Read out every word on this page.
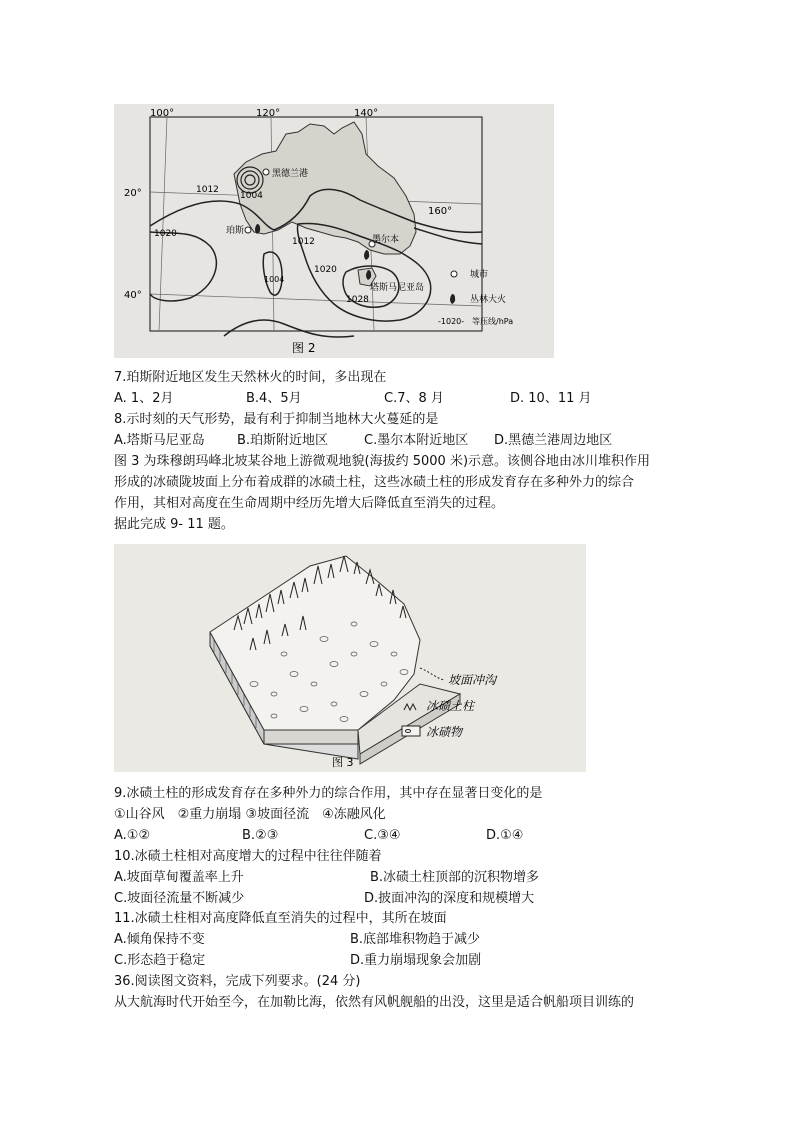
100°	120°	140°
160°
20°
40°
1012
1004
1020
1012
1020
1028
1004
黑德兰港
珀斯
墨尔本
塔斯马尼亚岛
城市
丛林大火
-1020- 等压线/hPa
图 2
7.珀斯附近地区发生天然林火的时间，多出现在
A. 1、2月	B.4、5月	C.7、8 月	D. 10、11 月
8.示时刻的天气形势，最有利于抑制当地林大火蔓延的是
A.塔斯马尼亚岛 B.珀斯附近地区	C.墨尔本附近地区 D.黑德兰港周边地区
图 3 为珠穆朗玛峰北坡某谷地上游微观地貌(海拔约 5000 米)示意。该侧谷地由冰川堆积作用
形成的冰碛陇坡面上分布着成群的冰碛土柱，这些冰碛土柱的形成发育存在多种外力的综合
作用，其相对高度在生命周期中经历先增大后降低直至消失的过程。
据此完成 9- 11 题。
坡面冲沟
冰碛土柱
冰碛物
图 3
9.冰碛土柱的形成发育存在多种外力的综合作用，其中存在显著日变化的是
①山谷风　②重力崩塌 ③坡面径流　④冻融风化
A.①②	B.②③	C.③④	D.①④
10.冰碛土柱相对高度增大的过程中往往伴随着
A.坡面草甸覆盖率上升	B.冰碛土柱顶部的沉积物增多
C.坡面径流量不断减少	D.披面冲沟的深度和规模增大
11.冰碛土柱相对高度降低直至消失的过程中，其所在坡面
A.倾角保持不变	B.底部堆积物趋于减少
C.形态趋于稳定	D.重力崩塌现象会加剧
36.阅读图文资料，完成下列要求。(24 分)
从大航海时代开始至今，在加勒比海，依然有风帆舰船的出没，这里是适合帆船项目训练的
